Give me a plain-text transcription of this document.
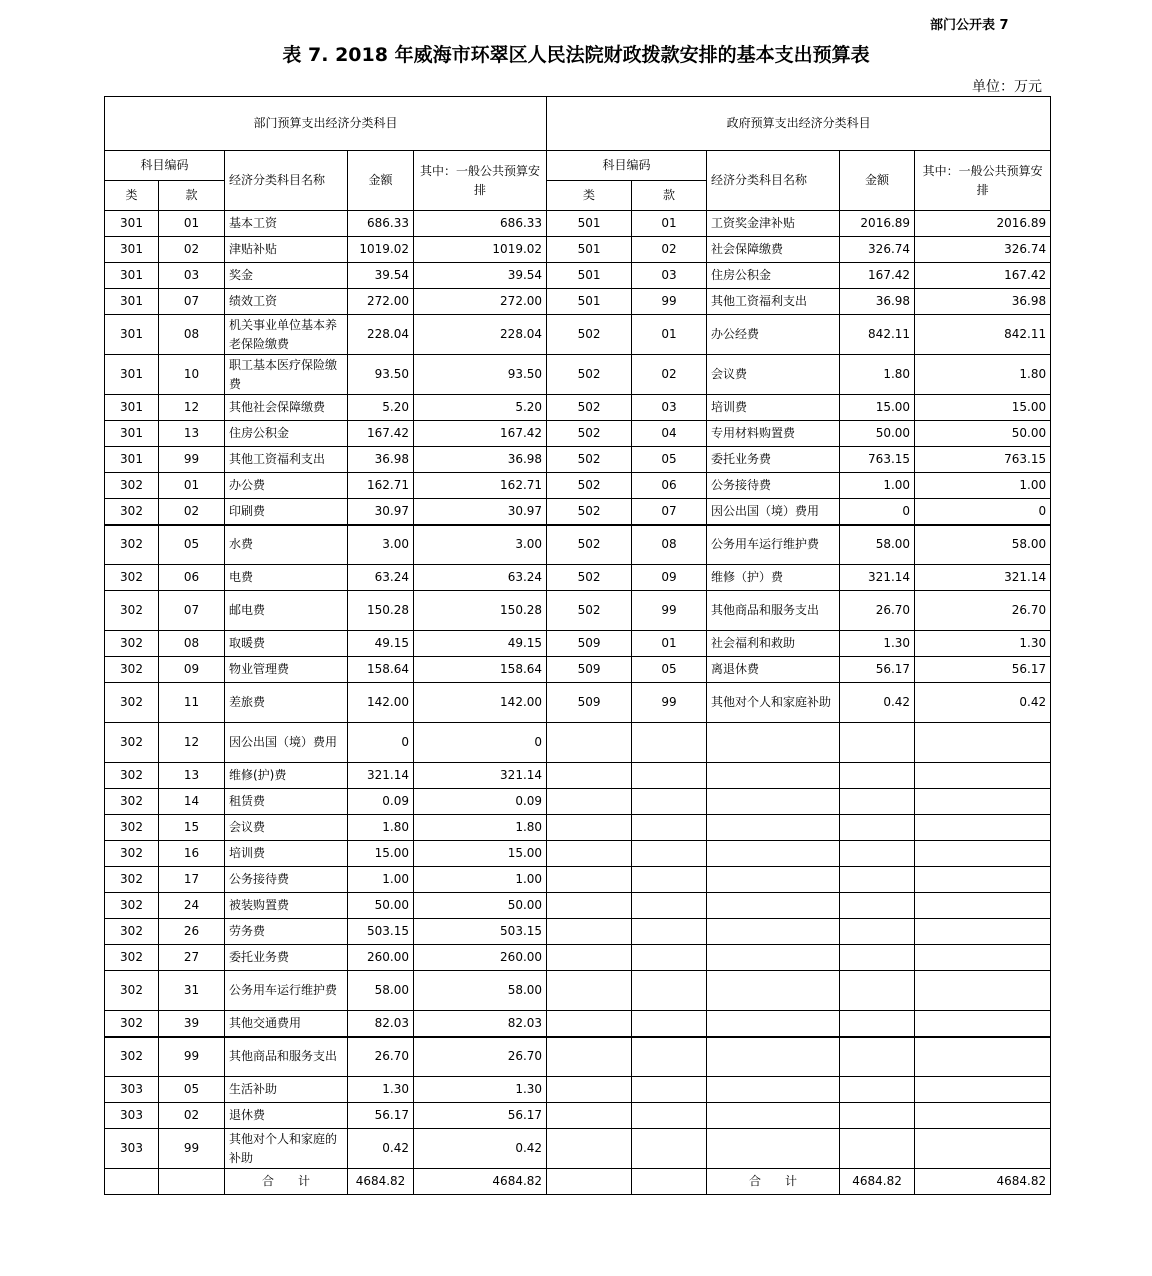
部门公开表 7
表 7. 2018 年威海市环翠区人民法院财政拨款安排的基本支出预算表
单位：万元
部门预算支出经济分类科目					政府预算支出经济分类科目				
科目编码		经济分类科目名称	金额	其中：一般公共预算安排	科目编码		经济分类科目名称	金额	其中：一般公共预算安排
类	款				类	款			
301	01	基本工资	686.33	686.33	501	01	工资奖金津补贴	2016.89	2016.89
301	02	津贴补贴	1019.02	1019.02	501	02	社会保障缴费	326.74	326.74
301	03	奖金	39.54	39.54	501	03	住房公积金	167.42	167.42
301	07	绩效工资	272.00	272.00	501	99	其他工资福利支出	36.98	36.98
301	08	机关事业单位基本养老保险缴费	228.04	228.04	502	01	办公经费	842.11	842.11
301	10	职工基本医疗保险缴费	93.50	93.50	502	02	会议费	1.80	1.80
301	12	其他社会保障缴费	5.20	5.20	502	03	培训费	15.00	15.00
301	13	住房公积金	167.42	167.42	502	04	专用材料购置费	50.00	50.00
301	99	其他工资福利支出	36.98	36.98	502	05	委托业务费	763.15	763.15
302	01	办公费	162.71	162.71	502	06	公务接待费	1.00	1.00
302	02	印刷费	30.97	30.97	502	07	因公出国（境）费用	0	0
302	05	水费	3.00	3.00	502	08	公务用车运行维护费	58.00	58.00
302	06	电费	63.24	63.24	502	09	维修（护）费	321.14	321.14
302	07	邮电费	150.28	150.28	502	99	其他商品和服务支出	26.70	26.70
302	08	取暖费	49.15	49.15	509	01	社会福利和救助	1.30	1.30
302	09	物业管理费	158.64	158.64	509	05	离退休费	56.17	56.17
302	11	差旅费	142.00	142.00	509	99	其他对个人和家庭补助	0.42	0.42
302	12	因公出国（境）费用	0	0					
302	13	维修(护)费	321.14	321.14					
302	14	租赁费	0.09	0.09					
302	15	会议费	1.80	1.80					
302	16	培训费	15.00	15.00					
302	17	公务接待费	1.00	1.00					
302	24	被装购置费	50.00	50.00					
302	26	劳务费	503.15	503.15					
302	27	委托业务费	260.00	260.00					
302	31	公务用车运行维护费	58.00	58.00					
302	39	其他交通费用	82.03	82.03					
302	99	其他商品和服务支出	26.70	26.70					
303	05	生活补助	1.30	1.30					
303	02	退休费	56.17	56.17					
303	99	其他对个人和家庭的补助	0.42	0.42					
		合　　计	4684.82	4684.82			合　　计	4684.82	4684.82
